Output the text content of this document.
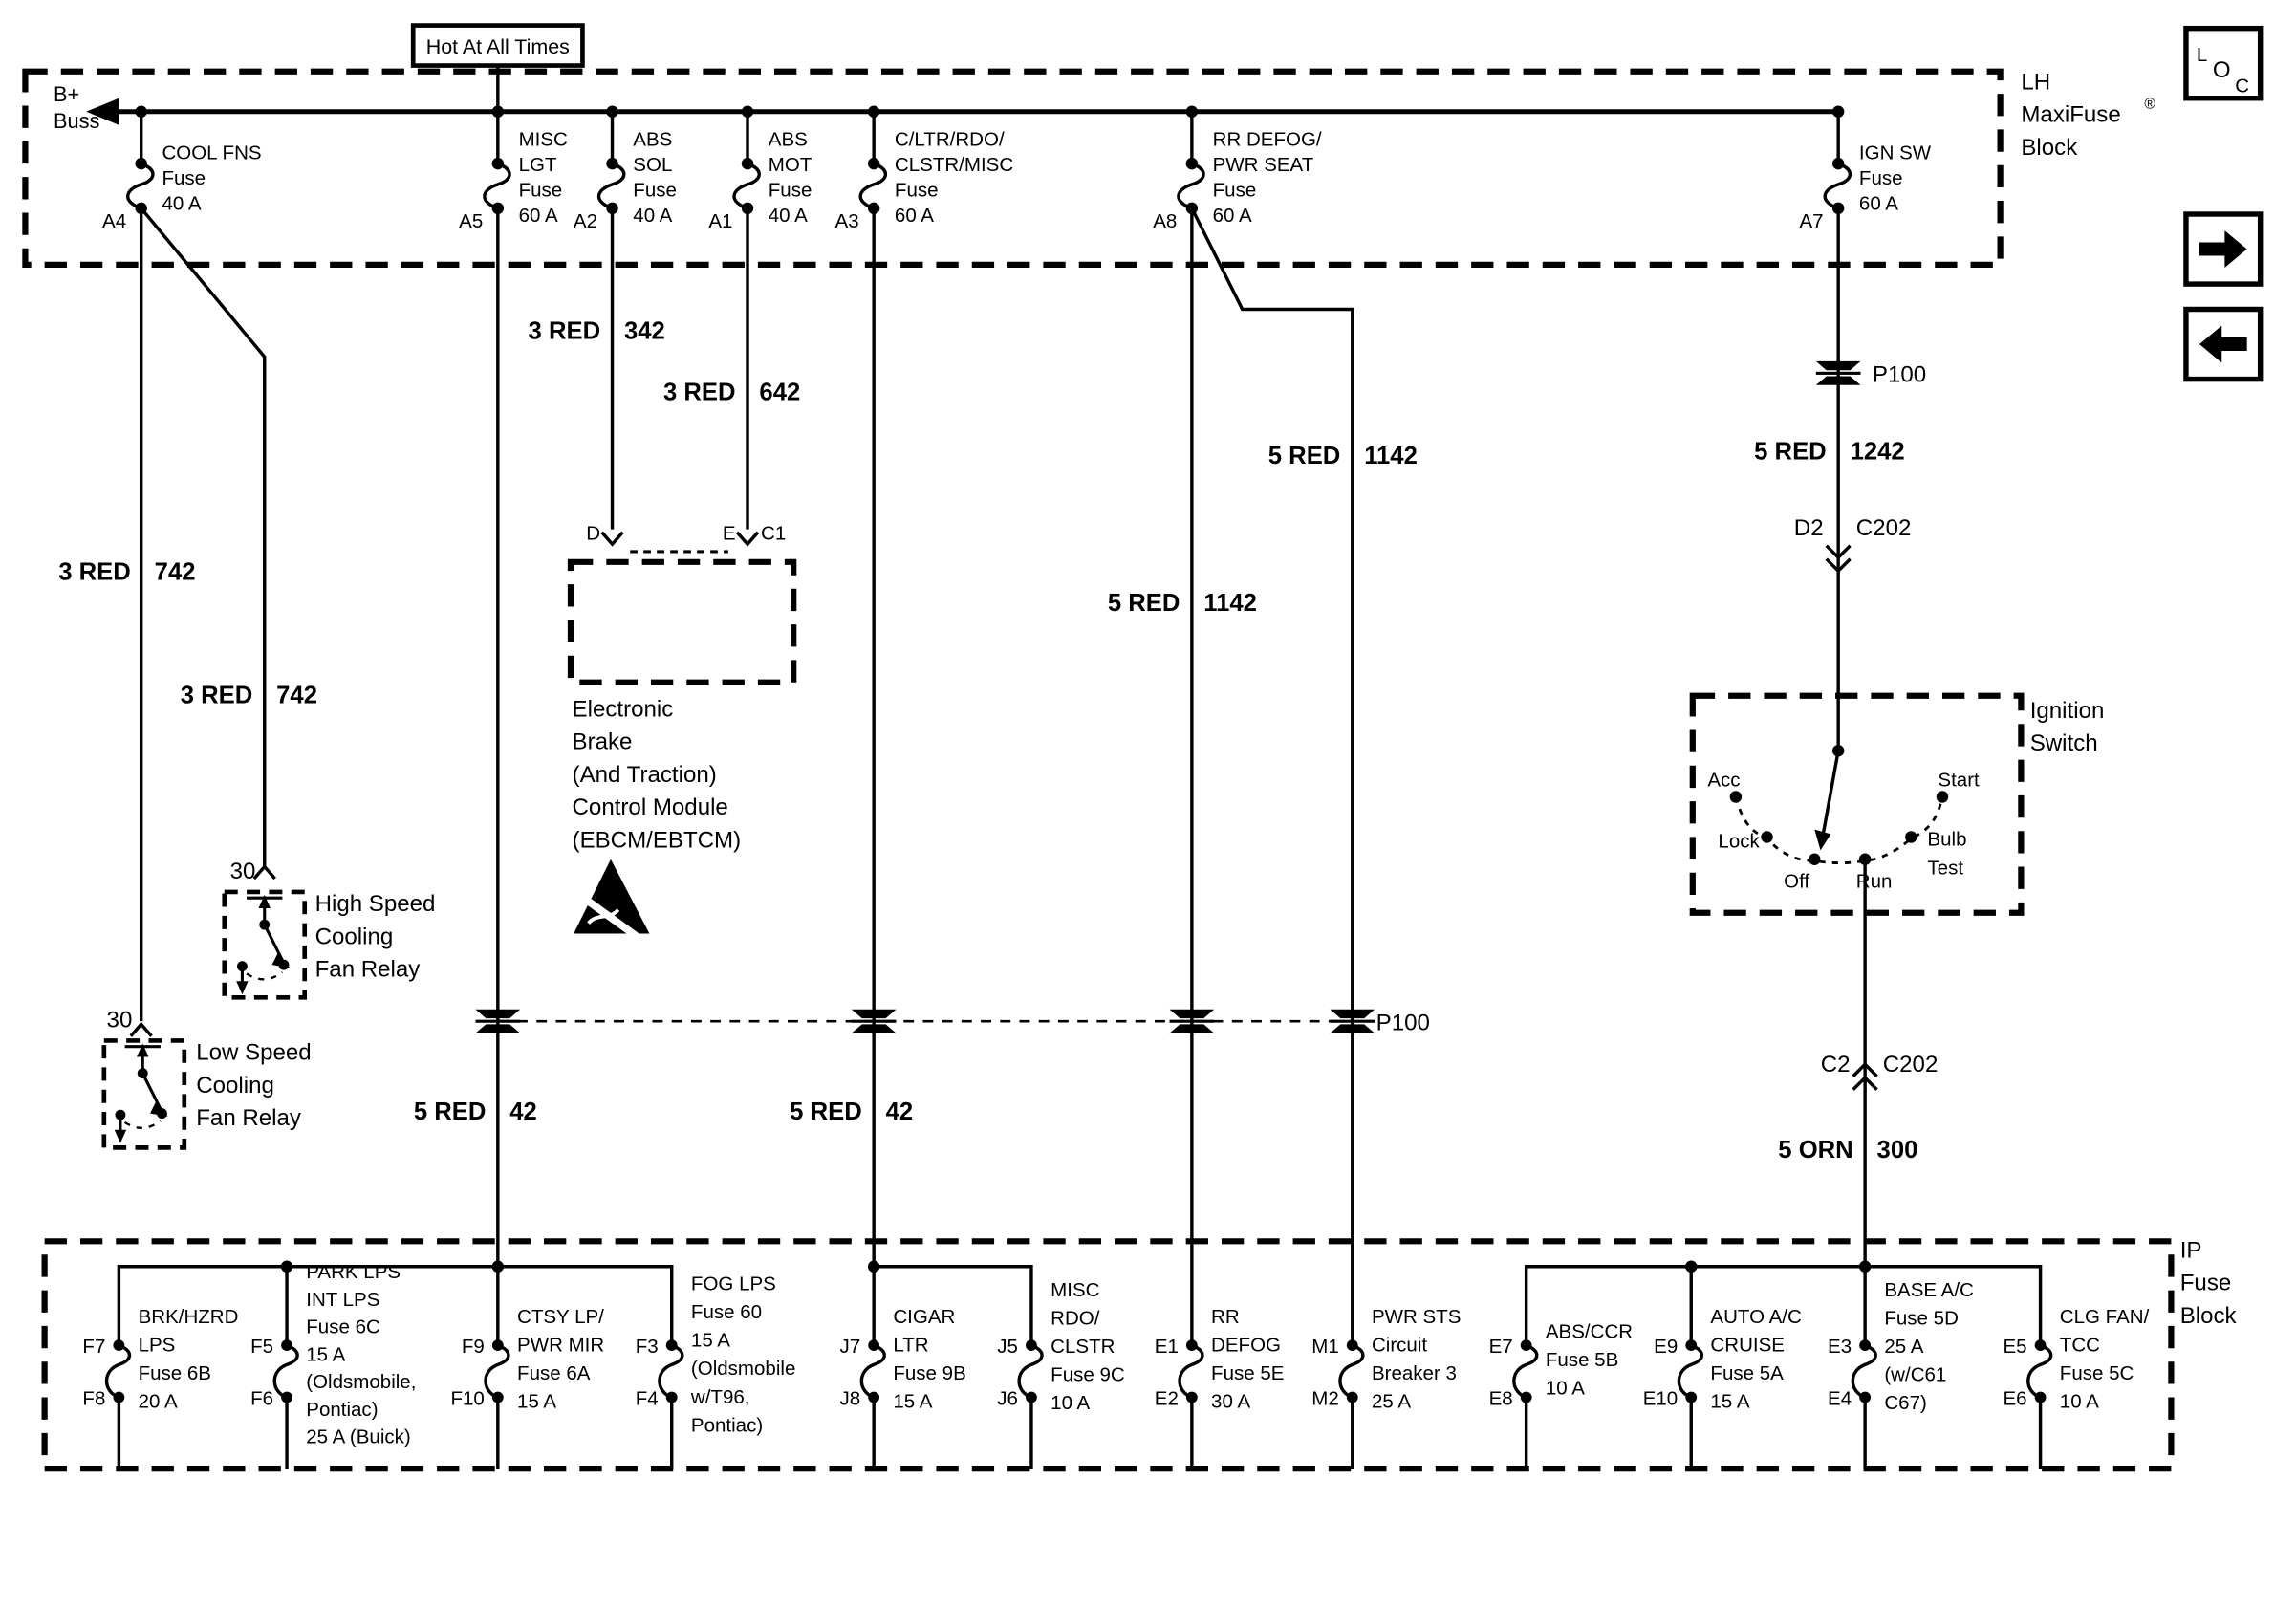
L
O
C
Hot At All Times
B+
Buss
LH
MaxiFuse ®
Block
IP
Fuse
Block
Ignition
Switch
A4
COOL FNS
Fuse
40 A
A5
MISC
LGT
Fuse
60 A A2
ABS
SOL
Fuse
40 A	A1
ABS
MOT
Fuse
40 A A3
C/LTR/RDO/
CLSTR/MISC
Fuse
60 A	A8
RR DEFOG/
PWR SEAT
Fuse
60 A	A7
IGN SW
Fuse
60 A
3 RED 342
3 RED 642
3 RED 742
3 RED 742
5 RED 1142
5 RED 1142
5 RED 1242
5 RED 42	5 RED 42
5 ORN 300
P100
P100
D2 C202
C2 C202
D	E C1
Electronic
Brake
(And Traction)
Control Module
(EBCM/EBTCM)
30
High Speed
Cooling
Fan Relay
30
Low Speed
Cooling
Fan Relay
Acc
Lock
Off	Run
Bulb
Test
Start
F7
F8
BRK/HZRD
LPS
Fuse 6B
20 A
F5
F6
PARK LPS
INT LPS
Fuse 6C
15 A
(Oldsmobile,
Pontiac)
25 A (Buick)
F9
F10
CTSY LP/
PWR MIR
Fuse 6A
15 A
F3
F4
FOG LPS
Fuse 60
15 A
(Oldsmobile
w/T96,
Pontiac)
J7
J8
CIGAR
LTR
Fuse 9B
15 A
J5
J6
MISC
RDO/
CLSTR
Fuse 9C
10 A
E1
E2
RR
DEFOG
Fuse 5E
30 A
M1
M2
PWR STS
Circuit
Breaker 3
25 A
E7
E8
ABS/CCR
Fuse 5B
10 A
E9
E10
AUTO A/C
CRUISE
Fuse 5A
15 A
E3
E4
BASE A/C
Fuse 5D
25 A
(w/C61
C67)
E5
E6
CLG FAN/
TCC
Fuse 5C
10 A
